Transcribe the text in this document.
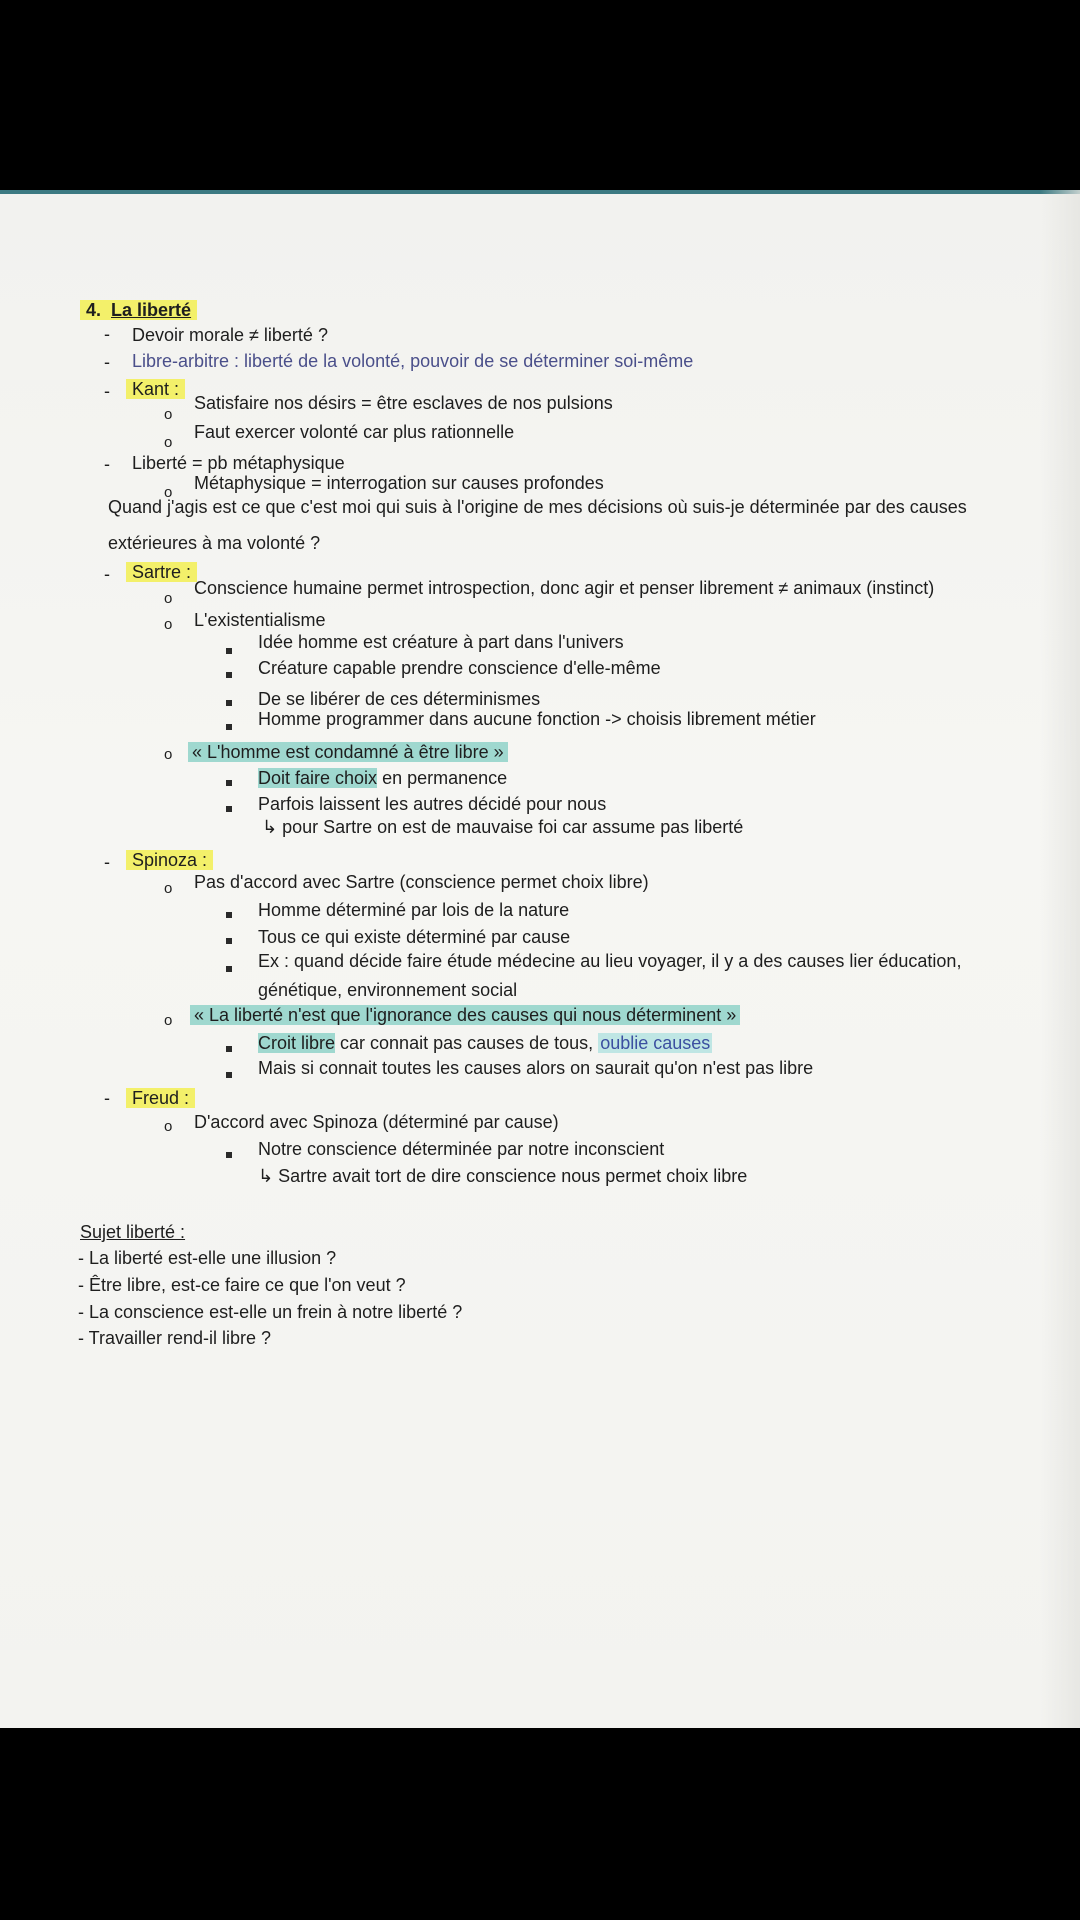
4. La liberté
- Devoir morale ≠ liberté ?
- Libre-arbitre : liberté de la volonté, pouvoir de se déterminer soi-même
-	Kant :
o
Satisfaire nos désirs = être esclaves de nos pulsions
o
Faut exercer volonté car plus rationnelle
- Liberté = pb métaphysique
o Métaphysique = interrogation sur causes profondes
Quand j'agis est ce que c'est moi qui suis à l'origine de mes décisions où suis-je déterminée par des causes
extérieures à ma volonté ?
-	Sartre :
o
Conscience humaine permet introspection, donc agir et penser librement ≠ animaux (instinct)
o L'existentialisme
Idée homme est créature à part dans l'univers
Créature capable prendre conscience d'elle-même
De se libérer de ces déterminismes
Homme programmer dans aucune fonction -> choisis librement métier
o « L'homme est condamné à être libre »
Doit faire choix en permanence
Parfois laissent les autres décidé pour nous
↳ pour Sartre on est de mauvaise foi car assume pas liberté
-	Spinoza :
o Pas d'accord avec Sartre (conscience permet choix libre)
Homme déterminé par lois de la nature
Tous ce qui existe déterminé par cause
Ex : quand décide faire étude médecine au lieu voyager, il y a des causes lier éducation,
génétique, environnement social
o « La liberté n'est que l'ignorance des causes qui nous déterminent »
Croit libre car connait pas causes de tous, oublie causes
Mais si connait toutes les causes alors on saurait qu'on n'est pas libre
-	Freud :
o D'accord avec Spinoza (déterminé par cause)
Notre conscience déterminée par notre inconscient
↳ Sartre avait tort de dire conscience nous permet choix libre
Sujet liberté :
- La liberté est-elle une illusion ?
- Être libre, est-ce faire ce que l'on veut ?
- La conscience est-elle un frein à notre liberté ?
- Travailler rend-il libre ?
